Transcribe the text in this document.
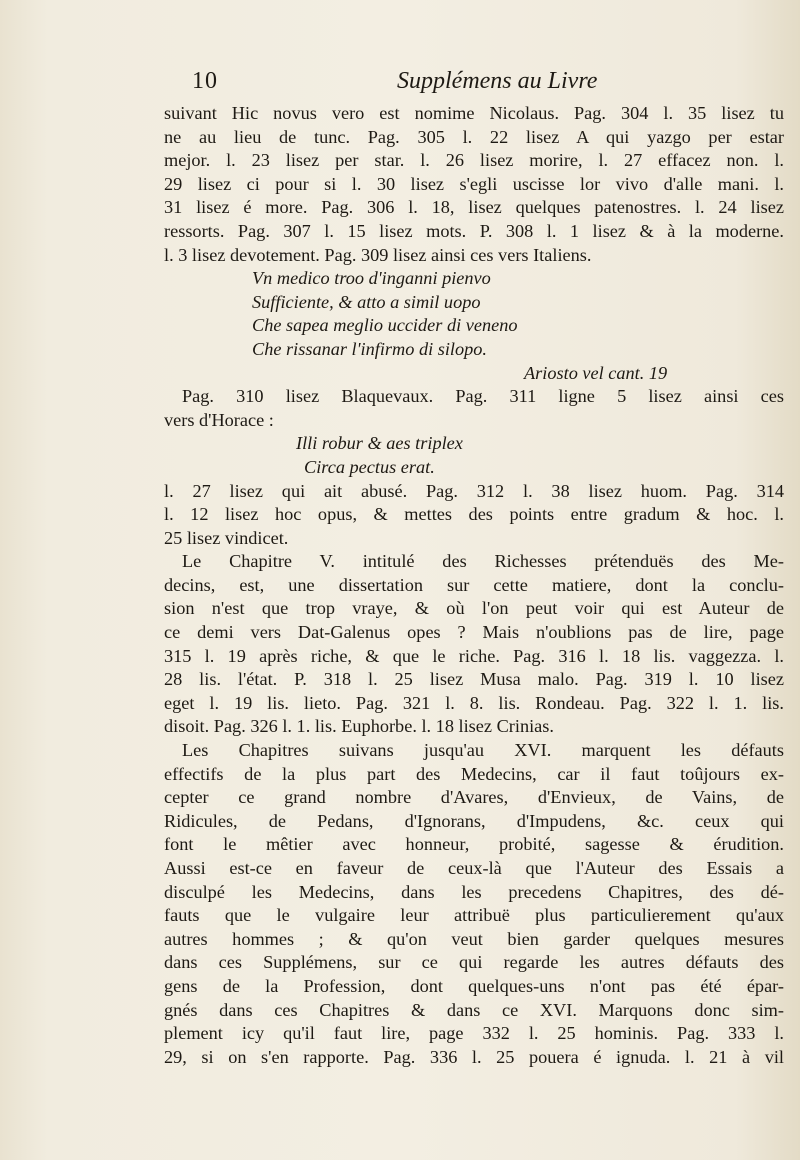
10	Supplémens au Livre
suivant Hic novus vero est nomime Nicolaus. Pag. 304 l. 35 lisez tu
ne au lieu de tunc. Pag. 305 l. 22 lisez A qui yazgo per estar
mejor. l. 23 lisez per star. l. 26 lisez morire, l. 27 effacez non. l.
29 lisez ci pour si l. 30 lisez s'egli uscisse lor vivo d'alle mani. l.
31 lisez é more. Pag. 306 l. 18, lisez quelques patenostres. l. 24 lisez
ressorts. Pag. 307 l. 15 lisez mots. P. 308 l. 1 lisez & à la moderne.
l. 3 lisez devotement. Pag. 309 lisez ainsi ces vers Italiens.
Vn medico troo d'inganni pienvo
Sufficiente, & atto a simil uopo
Che sapea meglio uccider di veneno
Che rissanar l'infirmo di silopo.
Ariosto vel cant. 19
Pag. 310 lisez Blaquevaux. Pag. 311 ligne 5 lisez ainsi ces
vers d'Horace :
Illi robur & aes triplex
Circa pectus erat.
l. 27 lisez qui ait abusé. Pag. 312 l. 38 lisez huom. Pag. 314
l. 12 lisez hoc opus, & mettes des points entre gradum & hoc. l.
25 lisez vindicet.
Le Chapitre V. intitulé des Richesses prétenduës des Me-
decins, est, une dissertation sur cette matiere, dont la conclu-
sion n'est que trop vraye, & où l'on peut voir qui est Auteur de
ce demi vers Dat-Galenus opes ? Mais n'oublions pas de lire, page
315 l. 19 après riche, & que le riche. Pag. 316 l. 18 lis. vaggezza. l.
28 lis. l'état. P. 318 l. 25 lisez Musa malo. Pag. 319 l. 10 lisez
eget l. 19 lis. lieto. Pag. 321 l. 8. lis. Rondeau. Pag. 322 l. 1. lis.
disoit. Pag. 326 l. 1. lis. Euphorbe. l. 18 lisez Crinias.
Les Chapitres suivans jusqu'au XVI. marquent les défauts
effectifs de la plus part des Medecins, car il faut toûjours ex-
cepter ce grand nombre d'Avares, d'Envieux, de Vains, de
Ridicules, de Pedans, d'Ignorans, d'Impudens, &c. ceux qui
font le mêtier avec honneur, probité, sagesse & érudition.
Aussi est-ce en faveur de ceux-là que l'Auteur des Essais a
disculpé les Medecins, dans les precedens Chapitres, des dé-
fauts que le vulgaire leur attribuë plus particulierement qu'aux
autres hommes ; & qu'on veut bien garder quelques mesures
dans ces Supplémens, sur ce qui regarde les autres défauts des
gens de la Profession, dont quelques-uns n'ont pas été épar-
gnés dans ces Chapitres & dans ce XVI. Marquons donc sim-
plement icy qu'il faut lire, page 332 l. 25 hominis. Pag. 333 l.
29, si on s'en rapporte. Pag. 336 l. 25 pouera é ignuda. l. 21 à vil
